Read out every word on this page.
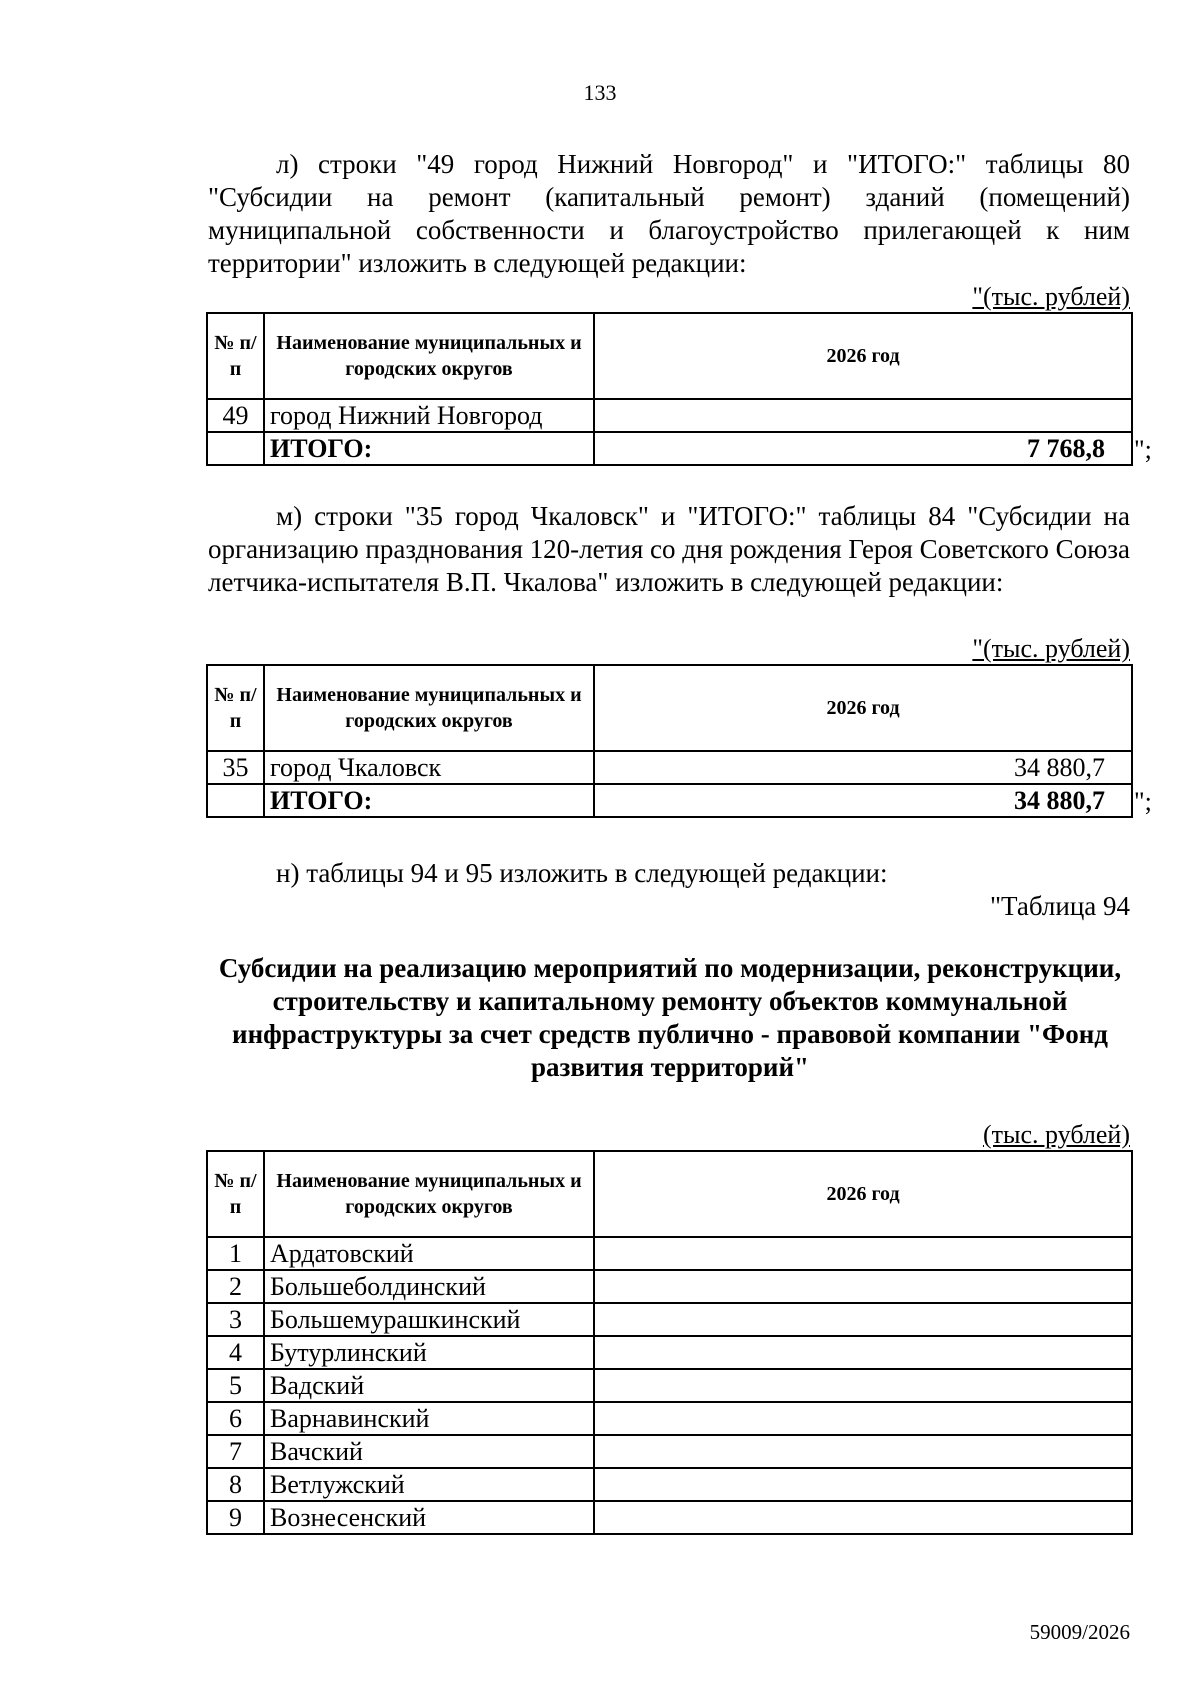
133
л) строки "49 город Нижний Новгород" и "ИТОГО:" таблицы 80 "Субсидии на ремонт (капитальный ремонт) зданий (помещений) муниципальной собственности и благоустройство прилегающей к ним территории" изложить в следующей редакции:
"(тыс. рублей)
№ п/п	Наименование муниципальных и городских округов	2026 год
49	город Нижний Новгород	
	ИТОГО:	7 768,8 ";
м) строки "35 город Чкаловск" и "ИТОГО:" таблицы 84 "Субсидии на организацию празднования 120-летия со дня рождения Героя Советского Союза летчика-испытателя В.П. Чкалова" изложить в следующей редакции:
"(тыс. рублей)
№ п/п	Наименование муниципальных и городских округов	2026 год
35	город Чкаловск	34 880,7
	ИТОГО:	34 880,7 ";
н) таблицы 94 и 95 изложить в следующей редакции:
"Таблица 94
Субсидии на реализацию мероприятий по модернизации, реконструкции, строительству и капитальному ремонту объектов коммунальной инфраструктуры за счет средств публично - правовой компании "Фонд развития территорий"
(тыс. рублей)
№ п/п	Наименование муниципальных и городских округов	2026 год
1	Ардатовский	
2	Большеболдинский	
3	Большемурашкинский	
4	Бутурлинский	
5	Вадский	
6	Варнавинский	
7	Вачский	
8	Ветлужский	
9	Вознесенский	
59009/2026
